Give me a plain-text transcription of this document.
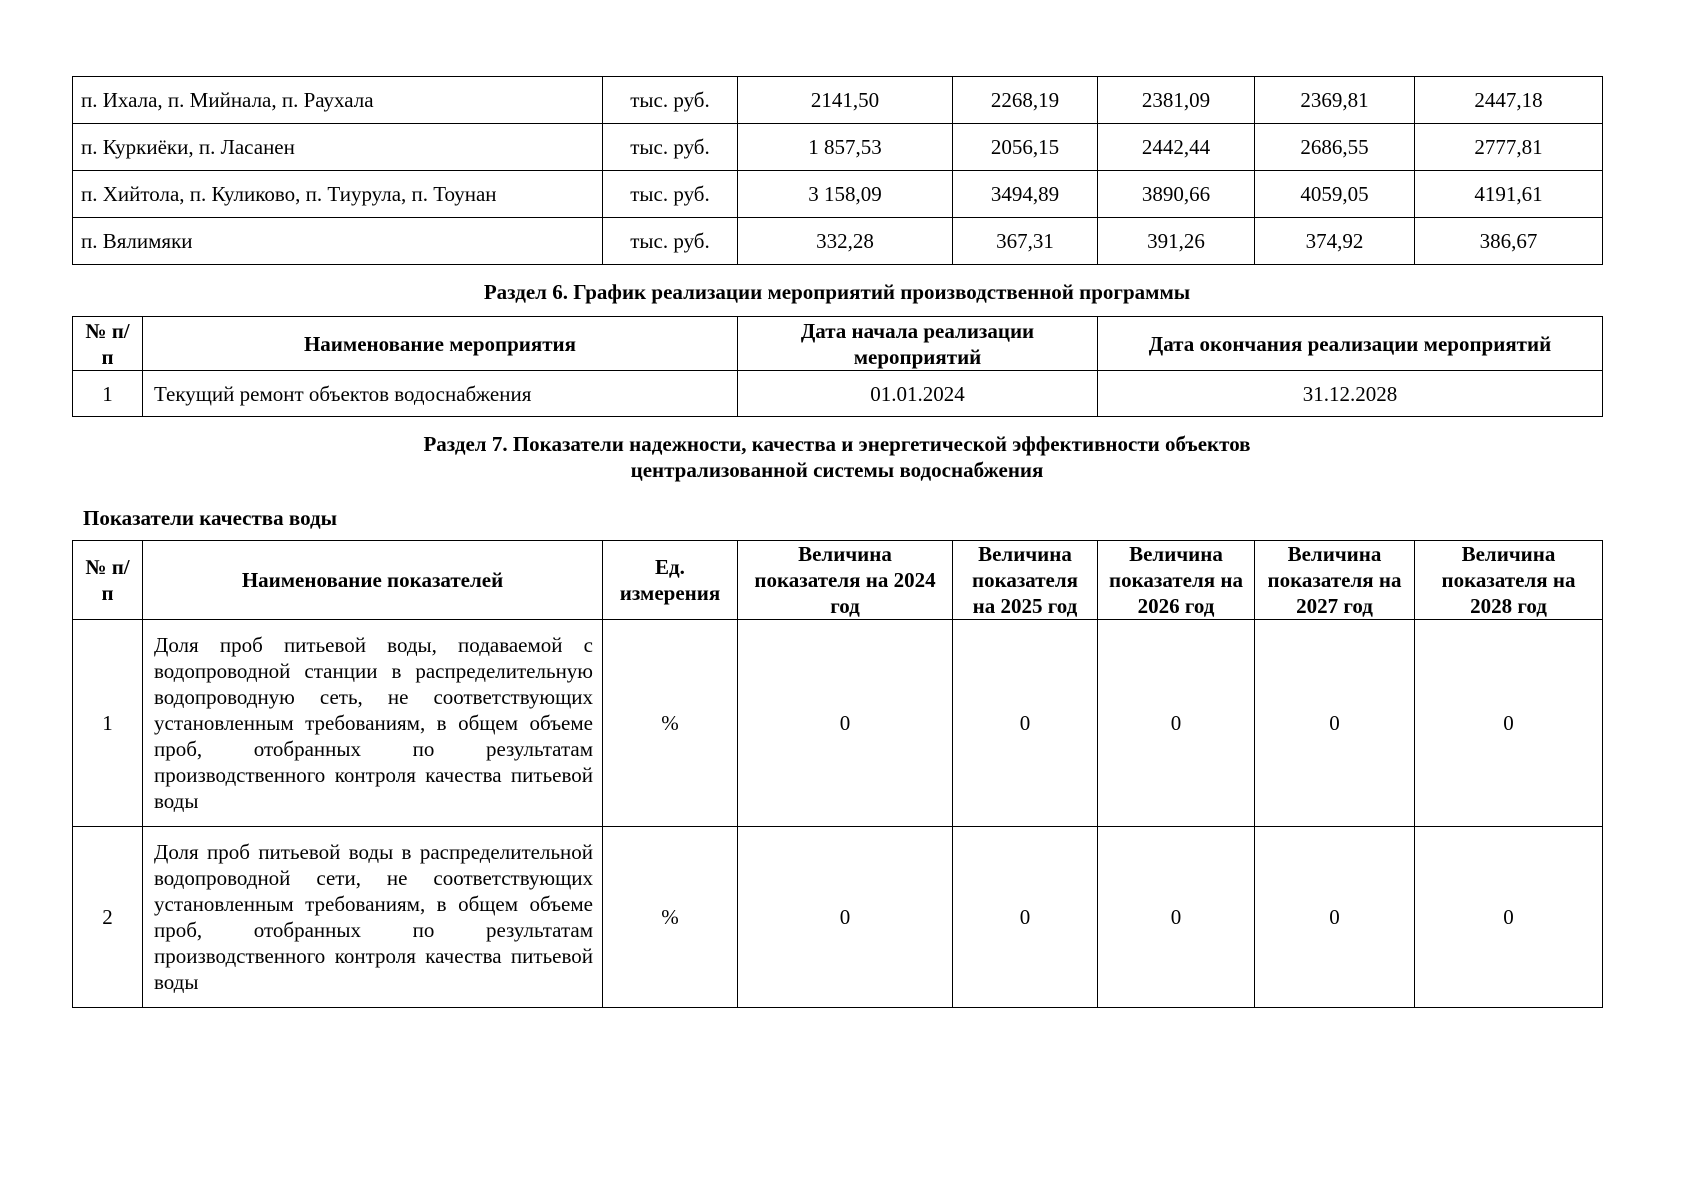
п. Ихала, п. Мийнала, п. Раухала	тыс. руб.	2141,50	2268,19	2381,09	2369,81	2447,18
п. Куркиёки, п. Ласанен	тыс. руб.	1 857,53	2056,15	2442,44	2686,55	2777,81
п. Хийтола, п. Куликово, п. Тиурула, п. Тоунан	тыс. руб.	3 158,09	3494,89	3890,66	4059,05	4191,61
п. Вялимяки	тыс. руб.	332,28	367,31	391,26	374,92	386,67

Раздел 6. График реализации мероприятий производственной программы

№ п/п	Наименование мероприятия	Дата начала реализации мероприятий	Дата окончания реализации мероприятий
1	Текущий ремонт объектов водоснабжения	01.01.2024	31.12.2028

Раздел 7. Показатели надежности, качества и энергетической эффективности объектов

централизованной системы водоснабжения

Показатели качества воды

№ п/п	Наименование показателей	Ед. измерения	Величина показателя на 2024 год	Величина показателя на 2025 год	Величина показателя на 2026 год	Величина показателя на 2027 год	Величина показателя на 2028 год
1	Доля проб питьевой воды, подаваемой с водопроводной станции в распределительную водопроводную сеть, не соответствующих установленным требованиям, в общем объеме проб, отобранных по результатам производственного контроля качества питьевой воды	%	0	0	0	0	0
2	Доля проб питьевой воды в распределительной водопроводной сети, не соответствующих установленным требованиям, в общем объеме проб, отобранных по результатам производственного контроля качества питьевой воды	%	0	0	0	0	0
